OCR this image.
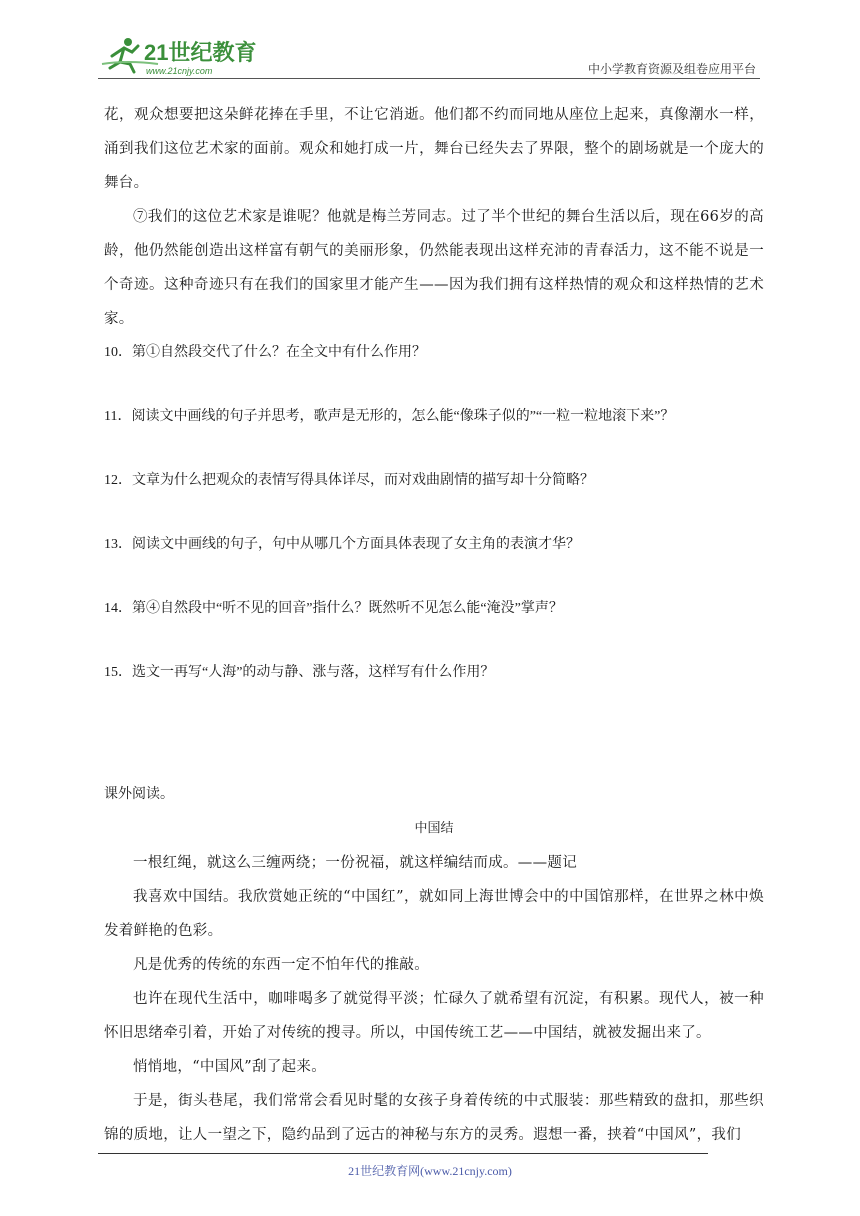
21世纪教育
www.21cnjy.com	中小学教育资源及组卷应用平台

花，观众想要把这朵鲜花捧在手里，不让它消逝。他们都不约而同地从座位上起来，真像潮水一样，涌到我们这位艺术家的面前。观众和她打成一片，舞台已经失去了界限，整个的剧场就是一个庞大的舞台。

⑦我们的这位艺术家是谁呢？他就是梅兰芳同志。过了半个世纪的舞台生活以后，现在66岁的高龄，他仍然能创造出这样富有朝气的美丽形象，仍然能表现出这样充沛的青春活力，这不能不说是一个奇迹。这种奇迹只有在我们的国家里才能产生——因为我们拥有这样热情的观众和这样热情的艺术家。

10．第①自然段交代了什么？在全文中有什么作用？

11．阅读文中画线的句子并思考，歌声是无形的，怎么能“像珠子似的”“一粒一粒地滚下来”？

12．文章为什么把观众的表情写得具体详尽，而对戏曲剧情的描写却十分简略？

13．阅读文中画线的句子，句中从哪几个方面具体表现了女主角的表演才华？

14．第④自然段中“听不见的回音”指什么？既然听不见怎么能“淹没”掌声？

15．选文一再写“人海”的动与静、涨与落，这样写有什么作用？

课外阅读。

中国结

一根红绳，就这么三缠两绕；一份祝福，就这样编结而成。——题记

我喜欢中国结。我欣赏她正统的“中国红”，就如同上海世博会中的中国馆那样，在世界之林中焕发着鲜艳的色彩。

凡是优秀的传统的东西一定不怕年代的推敲。

也许在现代生活中，咖啡喝多了就觉得平淡；忙碌久了就希望有沉淀，有积累。现代人，被一种怀旧思绪牵引着，开始了对传统的搜寻。所以，中国传统工艺——中国结，就被发掘出来了。

悄悄地，“中国风”刮了起来。

于是，街头巷尾，我们常常会看见时髦的女孩子身着传统的中式服装：那些精致的盘扣，那些织锦的质地，让人一望之下，隐约品到了远古的神秘与东方的灵秀。遐想一番，挟着“中国风”，我们

21世纪教育网(www.21cnjy.com)
